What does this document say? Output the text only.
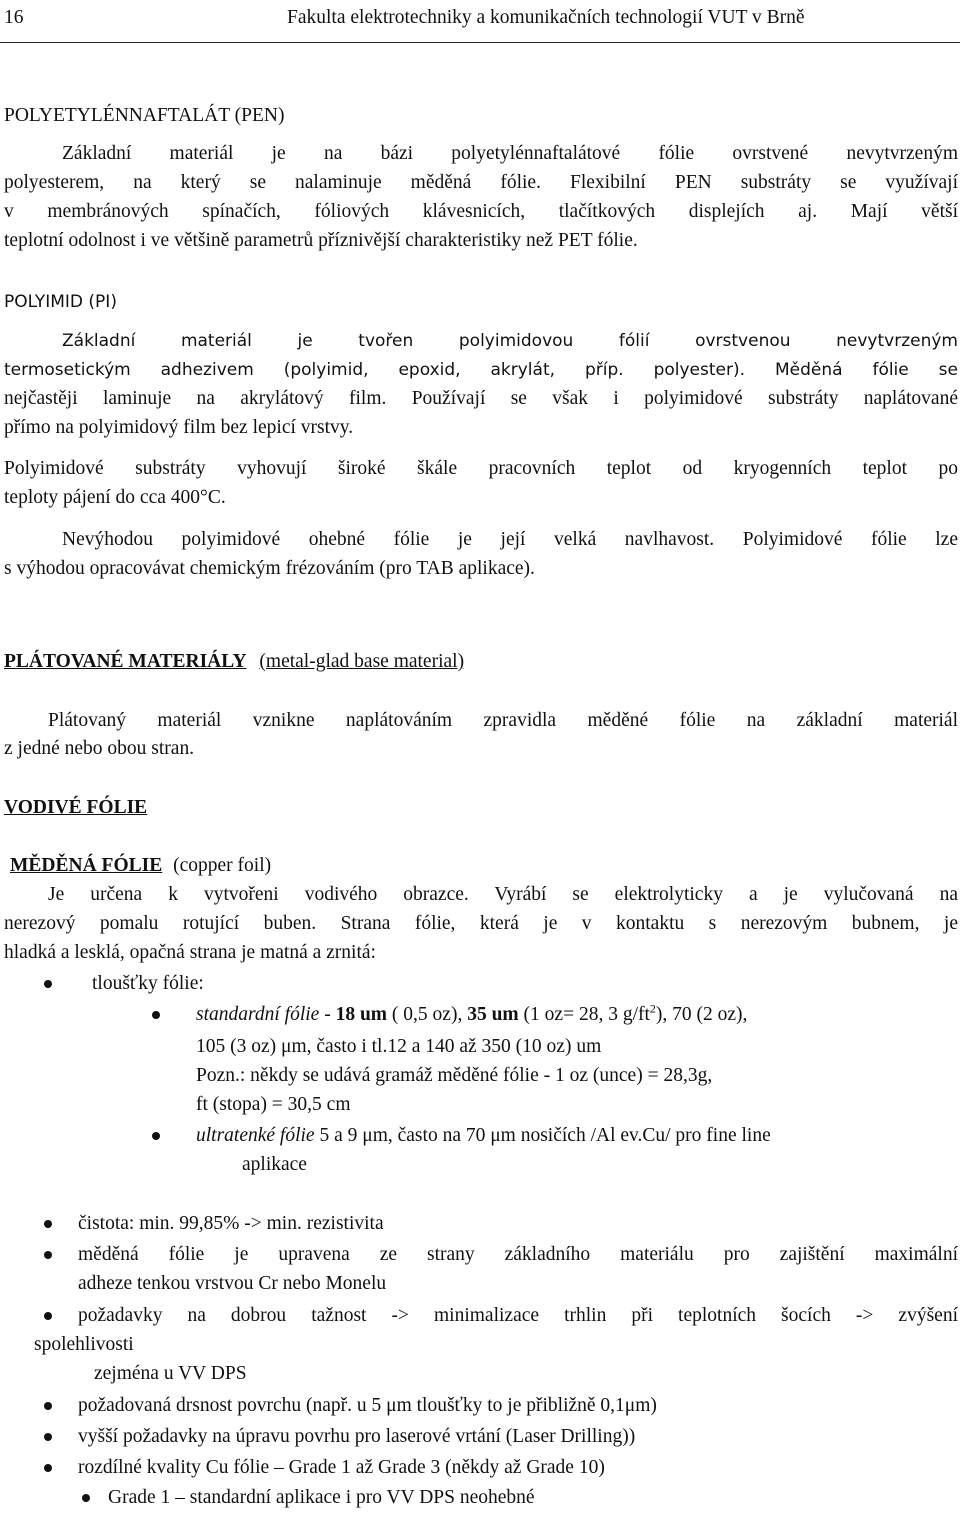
16	Fakulta elektrotechniky a komunikačních technologií VUT v Brně
POLYETYLÉNNAFTALÁT (PEN)
Základní materiál je na bázi polyetylénnaftalátové fólie ovrstvené nevytvrzeným
polyesterem, na který se nalaminuje měděná fólie. Flexibilní PEN substráty se využívají
v membránových spínačích, fóliových klávesnicích, tlačítkových displejích aj. Mají větší
teplotní odolnost i ve většině parametrů příznivější charakteristiky než PET fólie.
POLYIMID (PI)
Základní materiál je tvořen polyimidovou fólií ovrstvenou nevytvrzeným
termosetickým adhezivem (polyimid, epoxid, akrylát, příp. polyester). Měděná fólie se
nejčastěji laminuje na akrylátový film. Používají se však i polyimidové substráty naplátované
přímo na polyimidový film bez lepicí vrstvy.
Polyimidové substráty vyhovují široké škále pracovních teplot od kryogenních teplot po
teploty pájení do cca 400°C.
Nevýhodou polyimidové ohebné fólie je její velká navlhavost. Polyimidové fólie lze
s výhodou opracovávat chemickým frézováním (pro TAB aplikace).
PLÁTOVANÉ MATERIÁLY (metal-glad base material)
Plátovaný materiál vznikne naplátováním zpravidla měděné fólie na základní materiál
z jedné nebo obou stran.
VODIVÉ FÓLIE
MĚDĚNÁ FÓLIE (copper foil)
Je určena k vytvořeni vodivého obrazce. Vyrábí se elektrolyticky a je vylučovaná na
nerezový pomalu rotující buben. Strana fólie, která je v kontaktu s nerezovým bubnem, je
hladká a lesklá, opačná strana je matná a zrnitá:
tloušťky fólie:
standardní fólie - 18 um ( 0,5 oz), 35 um (1 oz= 28, 3 $g/ft^2$), 70 (2 oz),
105 (3 oz) μm, často i tl.12 a 140 až 350 (10 oz) um
Pozn.: někdy se udává gramáž měděné fólie - 1 oz (unce) = 28,3g,
ft (stopa) = 30,5 cm
ultratenké fólie 5 a 9 μm, často na 70 μm nosičích /Al ev.Cu/ pro fine line
aplikace
čistota: min. 99,85% -> min. rezistivita
měděná fólie je upravena ze strany základního materiálu pro zajištění maximální
adheze tenkou vrstvou Cr nebo Monelu
požadavky na dobrou tažnost -> minimalizace trhlin při teplotních šocích -> zvýšení
spolehlivosti
zejména u VV DPS
požadovaná drsnost povrchu (např. u 5 μm tloušťky to je přibližně 0,1μm)
vyšší požadavky na úpravu povrhu pro laserové vrtání (Laser Drilling))
rozdílné kvality Cu fólie – Grade 1 až Grade 3 (někdy až Grade 10)
Grade 1 – standardní aplikace i pro VV DPS neohebné
